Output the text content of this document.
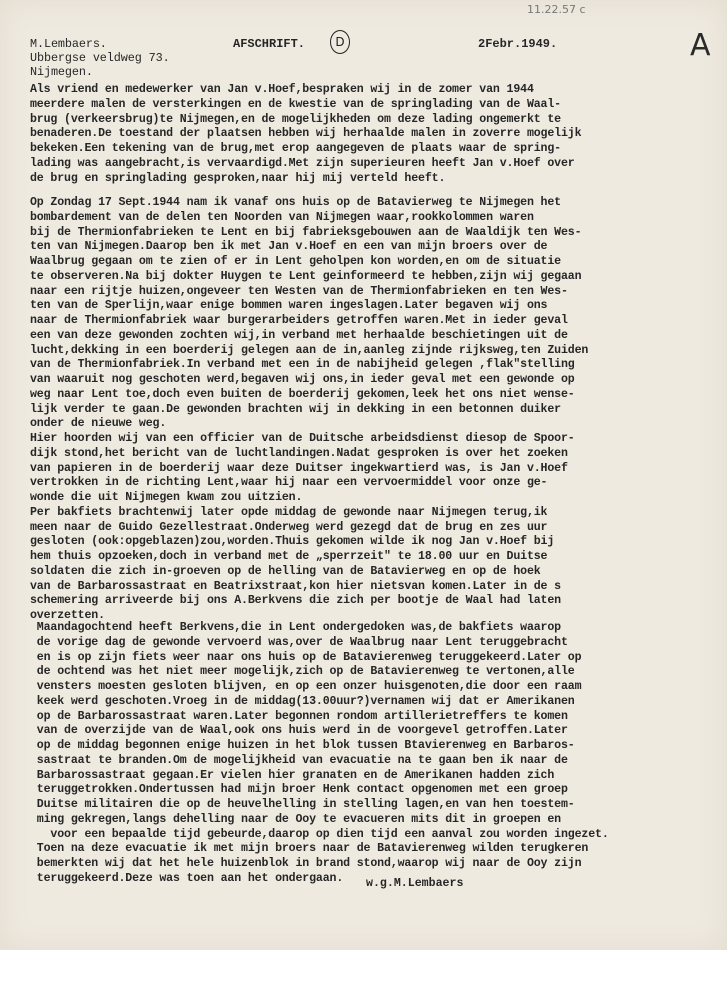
11.22.57 c
A
D
M.Lembaers.
Ubbergse veldweg 73.
Nijmegen.
AFSCHRIFT.	2Febr.1949.
Als vriend en medewerker van Jan v.Hoef,bespraken wij in de zomer van 1944
meerdere malen de versterkingen en de kwestie van de springlading van de Waal-
brug (verkeersbrug)te Nijmegen,en de mogelijkheden om deze lading ongemerkt te
benaderen.De toestand der plaatsen hebben wij herhaalde malen in zoverre mogelijk
bekeken.Een tekening van de brug,met erop aangegeven de plaats waar de spring-
lading was aangebracht,is vervaardigd.Met zijn superieuren heeft Jan v.Hoef over
de brug en springlading gesproken,naar hij mij verteld heeft.
Op Zondag 17 Sept.1944 nam ik vanaf ons huis op de Batavierweg te Nijmegen het
bombardement van de delen ten Noorden van Nijmegen waar,rookkolommen waren
bij de Thermionfabrieken te Lent en bij fabrieksgebouwen aan de Waaldijk ten Wes-
ten van Nijmegen.Daarop ben ik met Jan v.Hoef en een van mijn broers over de
Waalbrug gegaan om te zien of er in Lent geholpen kon worden,en om de situatie
te observeren.Na bij dokter Huygen te Lent geinformeerd te hebben,zijn wij gegaan
naar een rijtje huizen,ongeveer ten Westen van de Thermionfabrieken en ten Wes-
ten van de Sperlijn,waar enige bommen waren ingeslagen.Later begaven wij ons
naar de Thermionfabriek waar burgerarbeiders getroffen waren.Met in ieder geval
een van deze gewonden zochten wij,in verband met herhaalde beschietingen uit de
lucht,dekking in een boerderij gelegen aan de in,aanleg zijnde rijksweg,ten Zuiden
van de Thermionfabriek.In verband met een in de nabijheid gelegen ,flak"stelling
van waaruit nog geschoten werd,begaven wij ons,in ieder geval met een gewonde op
weg naar Lent toe,doch even buiten de boerderij gekomen,leek het ons niet wense-
lijk verder te gaan.De gewonden brachten wij in dekking in een betonnen duiker
onder de nieuwe weg.
Hier hoorden wij van een officier van de Duitsche arbeidsdienst diesop de Spoor-
dijk stond,het bericht van de luchtlandingen.Nadat gesproken is over het zoeken
van papieren in de boerderij waar deze Duitser ingekwartierd was, is Jan v.Hoef
vertrokken in de richting Lent,waar hij naar een vervoermiddel voor onze ge-
wonde die uit Nijmegen kwam zou uitzien.
Per bakfiets brachtenwij later opde middag de gewonde naar Nijmegen terug,ik
meen naar de Guido Gezellestraat.Onderweg werd gezegd dat de brug en zes uur
gesloten (ook:opgeblazen)zou,worden.Thuis gekomen wilde ik nog Jan v.Hoef bij
hem thuis opzoeken,doch in verband met de „sperrzeit" te 18.00 uur en Duitse
soldaten die zich in-groeven op de helling van de Batavierweg en op de hoek
van de Barbarossastraat en Beatrixstraat,kon hier nietsvan komen.Later in de s
schemering arriveerde bij ons A.Berkvens die zich per bootje de Waal had laten
overzetten.
Maandagochtend heeft Berkvens,die in Lent ondergedoken was,de bakfiets waarop
de vorige dag de gewonde vervoerd was,over de Waalbrug naar Lent teruggebracht
en is op zijn fiets weer naar ons huis op de Batavierenweg teruggekeerd.Later op
de ochtend was het niet meer mogelijk,zich op de Batavierenweg te vertonen,alle
vensters moesten gesloten blijven, en op een onzer huisgenoten,die door een raam
keek werd geschoten.Vroeg in de middag(13.00uur?)vernamen wij dat er Amerikanen
op de Barbarossastraat waren.Later begonnen rondom artillerietreffers te komen
van de overzijde van de Waal,ook ons huis werd in de voorgevel getroffen.Later
op de middag begonnen enige huizen in het blok tussen Btavierenweg en Barbaros-
sastraat te branden.Om de mogelijkheid van evacuatie na te gaan ben ik naar de
Barbarossastraat gegaan.Er vielen hier granaten en de Amerikanen hadden zich
teruggetrokken.Ondertussen had mijn broer Henk contact opgenomen met een groep
Duitse militairen die op de heuvelhelling in stelling lagen,en van hen toestem-
ming gekregen,langs dehelling naar de Ooy te evacueren mits dit in groepen en
voor een bepaalde tijd gebeurde,daarop op dien tijd een aanval zou worden ingezet.
Toen na deze evacuatie ik met mijn broers naar de Batavierenweg wilden terugkeren
bemerkten wij dat het hele huizenblok in brand stond,waarop wij naar de Ooy zijn
teruggekeerd.Deze was toen aan het ondergaan.	w.g.M.Lembaers
